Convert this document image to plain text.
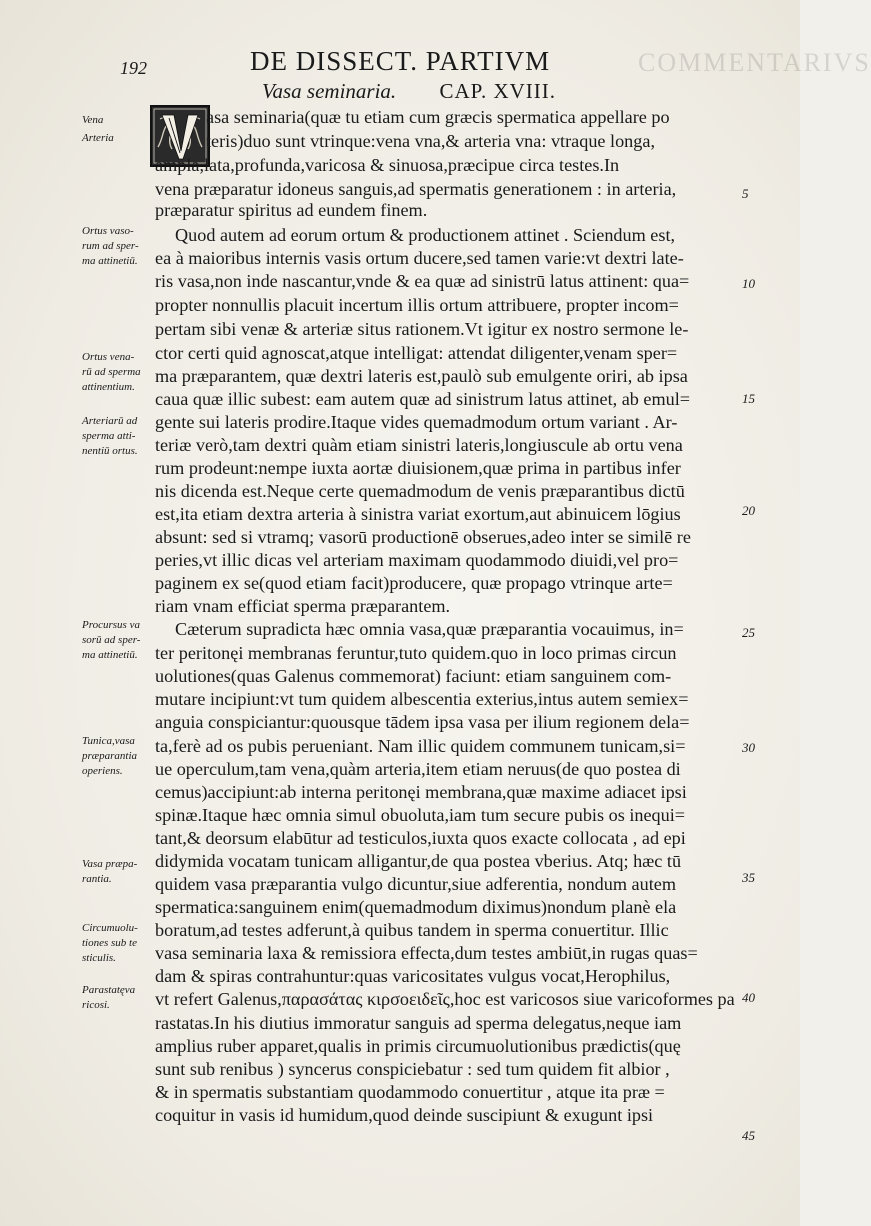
COMMENTARIVS
192	DE DISSECT. PARTIVM
Vasa seminaria. CAP. XVIII.
asa seminaria(quæ tu etiam cum græcis spermatica appellare po
teris)duo sunt vtrinque:vena vna,& arteria vna: vtraque longa,
ampla,lata,profunda,varicosa & sinuosa,præcipue circa testes.In
vena præparatur idoneus sanguis,ad spermatis generationem : in arteria,
præparatur spiritus ad eundem finem.
Quod autem ad eorum ortum & productionem attinet . Sciendum est,
ea à maioribus internis vasis ortum ducere,sed tamen varie:vt dextri late-
ris vasa,non inde nascantur,vnde & ea quæ ad sinistrū latus attinent: qua=
propter nonnullis placuit incertum illis ortum attribuere, propter incom=
pertam sibi venæ & arteriæ situs rationem.Vt igitur ex nostro sermone le-
ctor certi quid agnoscat,atque intelligat: attendat diligenter,venam sper=
ma præparantem, quæ dextri lateris est,paulò sub emulgente oriri, ab ipsa
caua quæ illic subest: eam autem quæ ad sinistrum latus attinet, ab emul=
gente sui lateris prodire.Itaque vides quemadmodum ortum variant . Ar-
teriæ verò,tam dextri quàm etiam sinistri lateris,longiuscule ab ortu vena
rum prodeunt:nempe iuxta aortæ diuisionem,quæ prima in partibus infer
nis dicenda est.Neque certe quemadmodum de venis præparantibus dictū
est,ita etiam dextra arteria à sinistra variat exortum,aut abinuicem lōgius
absunt: sed si vtramq; vasorū productionē obserues,adeo inter se similē re
peries,vt illic dicas vel arteriam maximam quodammodo diuidi,vel pro=
paginem ex se(quod etiam facit)producere, quæ propago vtrinque arte=
riam vnam efficiat sperma præparantem.
Cæterum supradicta hæc omnia vasa,quæ præparantia vocauimus, in=
ter peritonęi membranas feruntur,tuto quidem.quo in loco primas circun
uolutiones(quas Galenus commemorat) faciunt: etiam sanguinem com-
mutare incipiunt:vt tum quidem albescentia exterius,intus autem semiex=
anguia conspiciantur:quousque tādem ipsa vasa per ilium regionem dela=
ta,ferè ad os pubis perueniant. Nam illic quidem communem tunicam,si=
ue operculum,tam vena,quàm arteria,item etiam neruus(de quo postea di
cemus)accipiunt:ab interna peritonęi membrana,quæ maxime adiacet ipsi
spinæ.Itaque hæc omnia simul obuoluta,iam tum secure pubis os inequi=
tant,& deorsum elabūtur ad testiculos,iuxta quos exacte collocata , ad epi
didymida vocatam tunicam alligantur,de qua postea vberius. Atq; hæc tū
quidem vasa præparantia vulgo dicuntur,siue adferentia, nondum autem
spermatica:sanguinem enim(quemadmodum diximus)nondum planè ela
boratum,ad testes adferunt,à quibus tandem in sperma conuertitur. Illic
vasa seminaria laxa & remissiora effecta,dum testes ambiūt,in rugas quas=
dam & spiras contrahuntur:quas varicositates vulgus vocat,Herophilus,
vt refert Galenus,παρασάτας κιρσοειδεῖς,hoc est varicosos siue varicoformes pa
rastatas.In his diutius immoratur sanguis ad sperma delegatus,neque iam
amplius ruber apparet,qualis in primis circumuolutionibus prædictis(quę
sunt sub renibus ) syncerus conspiciebatur : sed tum quidem fit albior ,
& in spermatis substantiam quodammodo conuertitur , atque ita præ =
coquitur in vasis id humidum,quod deinde suscipiunt & exugunt ipsi
Vena
Arteria
Ortus vaso-
rum ad sper-
ma attinetiū.
Ortus vena-
rū ad sperma
attinentium.
Arteriarū ad
sperma atti-
nentiū ortus.
Procursus va
sorū ad sper-
ma attinetiū.
Tunica,vasa
præparantia
operiens.
Vasa præpa-
rantia.
Circumuolu-
tiones sub te
sticulis.
Parastatęva
ricosi.
5
10
15
20
25
30
35
40
45
